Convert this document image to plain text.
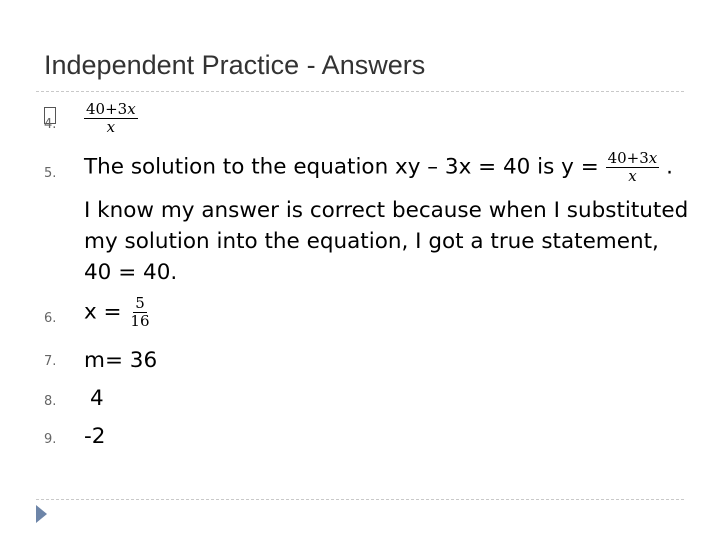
Independent Practice - Answers
4. $\frac{40+3x}{x}$
5. The solution to the equation xy – 3x = 40 is $y = \frac{40+3x}{x}$ .
I know my answer is correct because when I substituted
my solution into the equation, I got a true statement,
40 = 40.
6. $x = \frac{5}{16}$
7. m= 36
8. 4
9. -2
